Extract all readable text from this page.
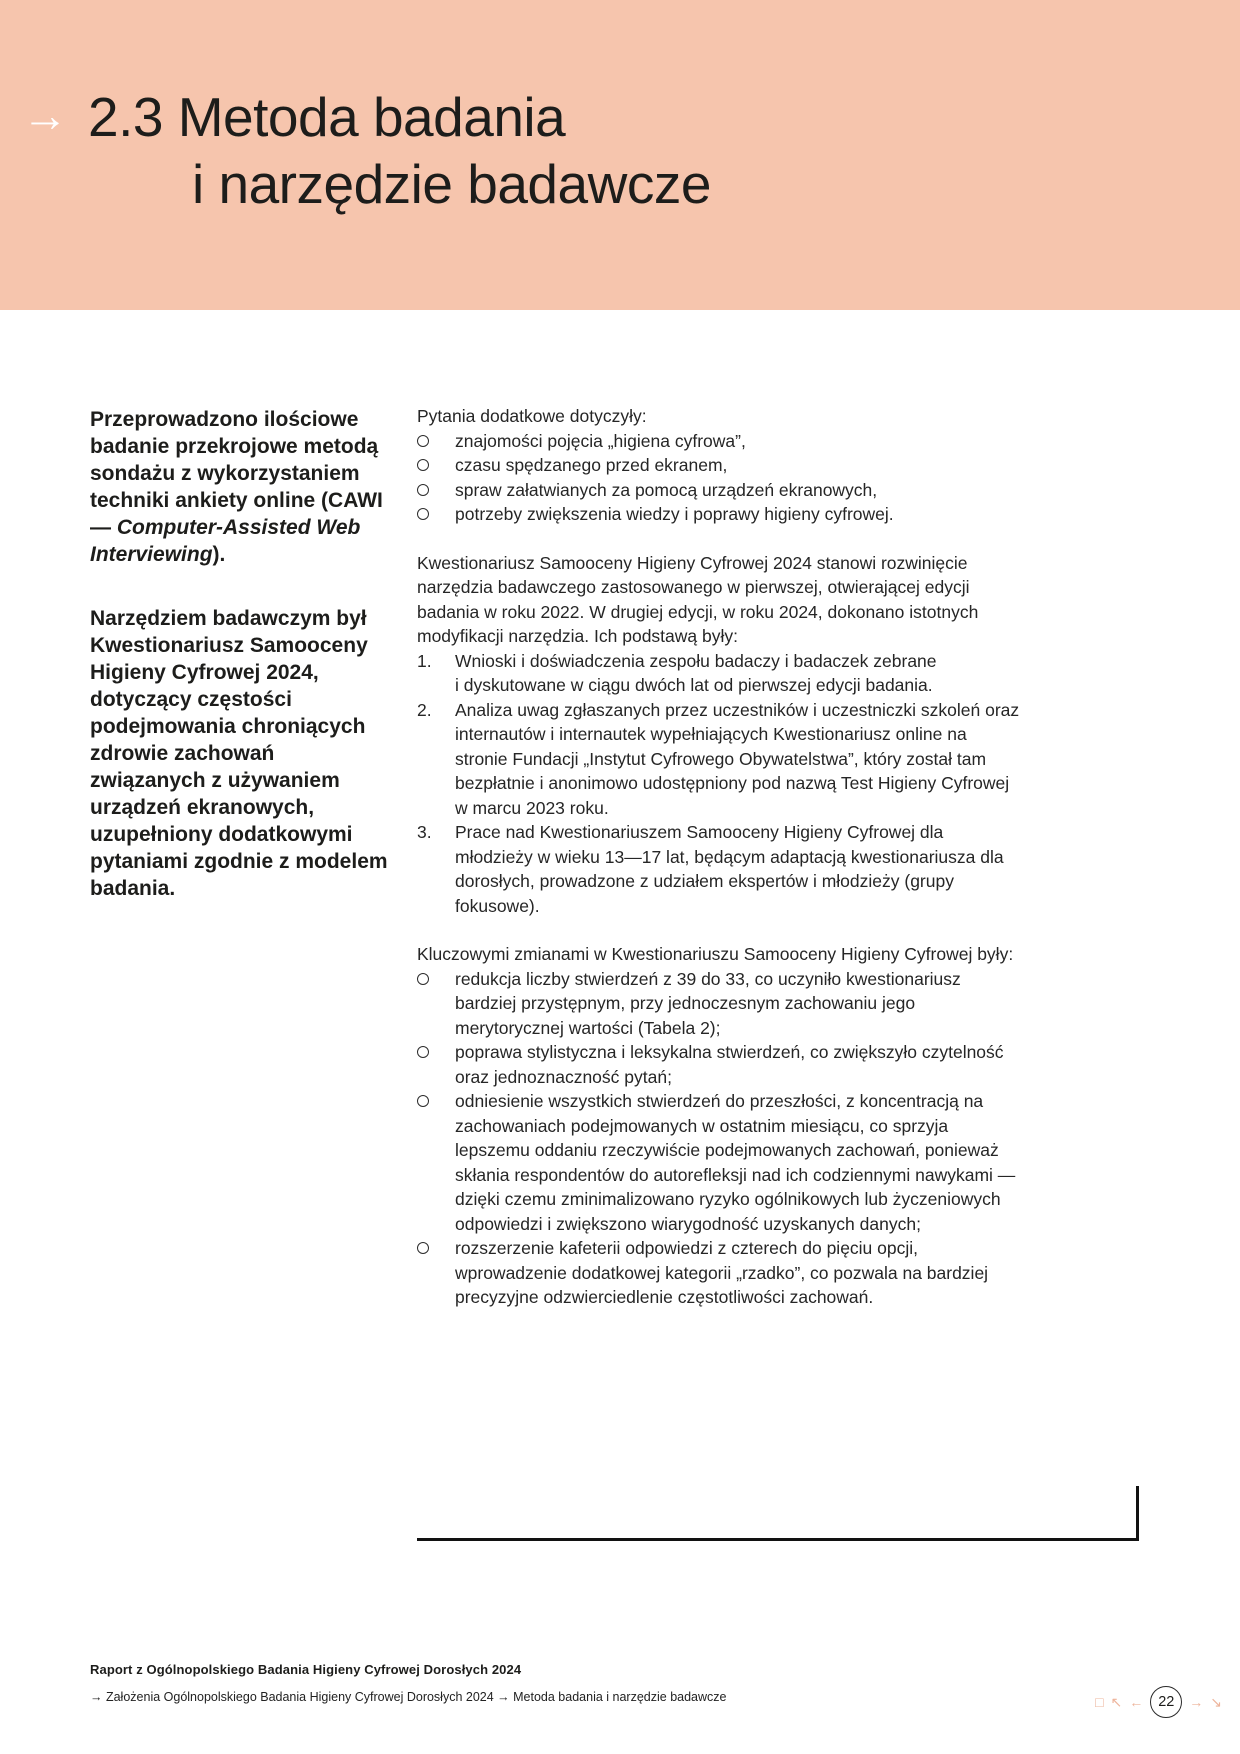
→ 2.3 Metoda badania
i narzędzie badawcze

Przeprowadzono ilościowe badanie przekrojowe metodą sondażu z wykorzystaniem techniki ankiety online (CAWI — Computer-Assisted Web Interviewing).

Narzędziem badawczym był Kwestionariusz Samooceny Higieny Cyfrowej 2024, dotyczący częstości podejmowania chroniących zdrowie zachowań związanych z używaniem urządzeń ekranowych, uzupełniony dodatkowymi pytaniami zgodnie z modelem badania.

Pytania dodatkowe dotyczyły:

znajomości pojęcia „higiena cyfrowa”,
czasu spędzanego przed ekranem,
spraw załatwianych za pomocą urządzeń ekranowych,
potrzeby zwiększenia wiedzy i poprawy higieny cyfrowej.

Kwestionariusz Samooceny Higieny Cyfrowej 2024 stanowi rozwinięcie narzędzia badawczego zastosowanego w pierwszej, otwierającej edycji badania w roku 2022. W drugiej edycji, w roku 2024, dokonano istotnych modyfikacji narzędzia. Ich podstawą były:

1.	Wnioski i doświadczenia zespołu badaczy i badaczek zebrane i dyskutowane w ciągu dwóch lat od pierwszej edycji badania.
2.	Analiza uwag zgłaszanych przez uczestników i uczestniczki szkoleń oraz internautów i internautek wypełniających Kwestionariusz online na stronie Fundacji „Instytut Cyfrowego Obywatelstwa”, który został tam bezpłatnie i anonimowo udostępniony pod nazwą Test Higieny Cyfrowej w marcu 2023 roku.
3.	Prace nad Kwestionariuszem Samooceny Higieny Cyfrowej dla młodzieży w wieku 13—17 lat, będącym adaptacją kwestionariusza dla dorosłych, prowadzone z udziałem ekspertów i młodzieży (grupy fokusowe).

Kluczowymi zmianami w Kwestionariuszu Samooceny Higieny Cyfrowej były:

redukcja liczby stwierdzeń z 39 do 33, co uczyniło kwestionariusz bardziej przystępnym, przy jednoczesnym zachowaniu jego merytorycznej wartości (Tabela 2);
poprawa stylistyczna i leksykalna stwierdzeń, co zwiększyło czytelność oraz jednoznaczność pytań;
odniesienie wszystkich stwierdzeń do przeszłości, z koncentracją na zachowaniach podejmowanych w ostatnim miesiącu, co sprzyja lepszemu oddaniu rzeczywiście podejmowanych zachowań, ponieważ skłania respondentów do autorefleksji nad ich codziennymi nawykami — dzięki czemu zminimalizowano ryzyko ogólnikowych lub życzeniowych odpowiedzi i zwiększono wiarygodność uzyskanych danych;
rozszerzenie kafeterii odpowiedzi z czterech do pięciu opcji, wprowadzenie dodatkowej kategorii „rzadko”, co pozwala na bardziej precyzyjne odzwierciedlenie częstotliwości zachowań.
Raport z Ogólnopolskiego Badania Higieny Cyfrowej Dorosłych 2024
→ Założenia Ogólnopolskiego Badania Higieny Cyfrowej Dorosłych 2024 → Metoda badania i narzędzie badawcze	□ ↖ ←	22	→ ↘
